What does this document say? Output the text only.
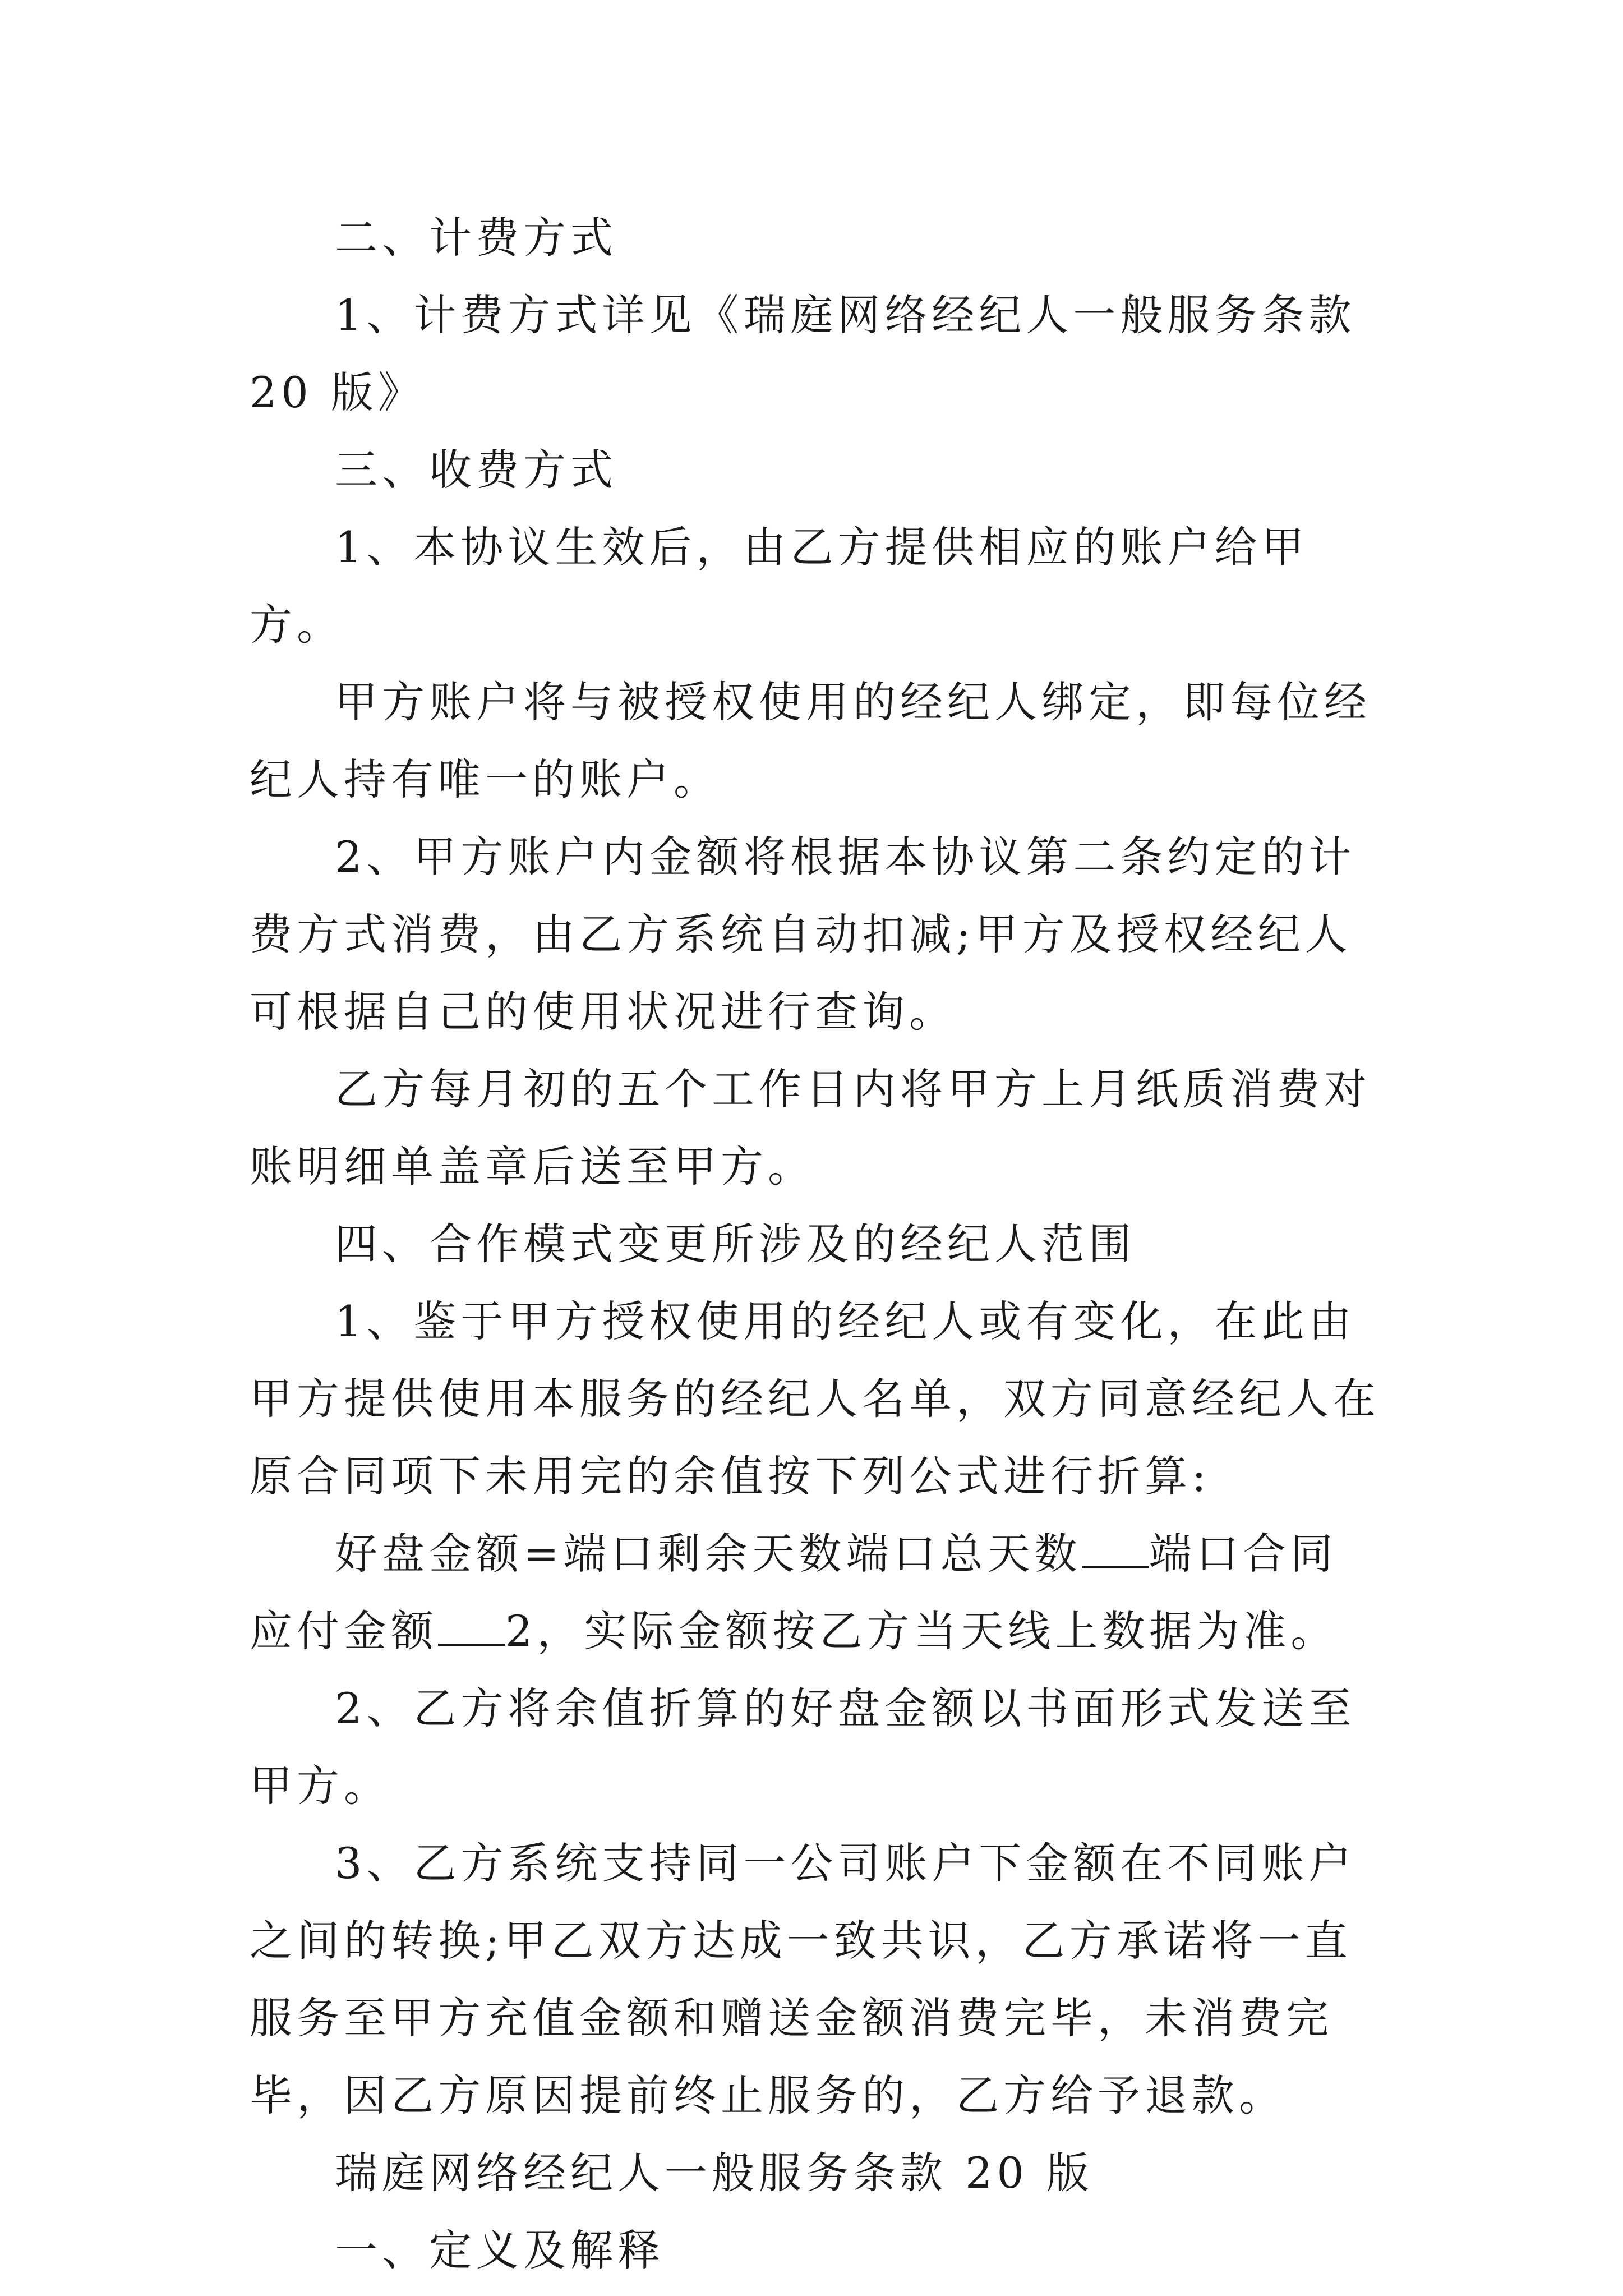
二、计费方式

1、计费方式详见《瑞庭网络经纪人一般服务条款 20 版》

三、收费方式

1、本协议生效后，由乙方提供相应的账户给甲方。

甲方账户将与被授权使用的经纪人绑定，即每位经纪人持有唯一的账户。

2、甲方账户内金额将根据本协议第二条约定的计费方式消费，由乙方系统自动扣减;甲方及授权经纪人可根据自己的使用状况进行查询。

乙方每月初的五个工作日内将甲方上月纸质消费对账明细单盖章后送至甲方。

四、合作模式变更所涉及的经纪人范围

1、鉴于甲方授权使用的经纪人或有变化，在此由甲方提供使用本服务的经纪人名单，双方同意经纪人在原合同项下未用完的余值按下列公式进行折算:

好盘金额=端口剩余天数端口总天数 端口合同应付金额 2，实际金额按乙方当天线上数据为准。

2、乙方将余值折算的好盘金额以书面形式发送至甲方。

3、乙方系统支持同一公司账户下金额在不同账户之间的转换;甲乙双方达成一致共识，乙方承诺将一直服务至甲方充值金额和赠送金额消费完毕，未消费完毕，因乙方原因提前终止服务的，乙方给予退款。

瑞庭网络经纪人一般服务条款 20 版

一、定义及解释
